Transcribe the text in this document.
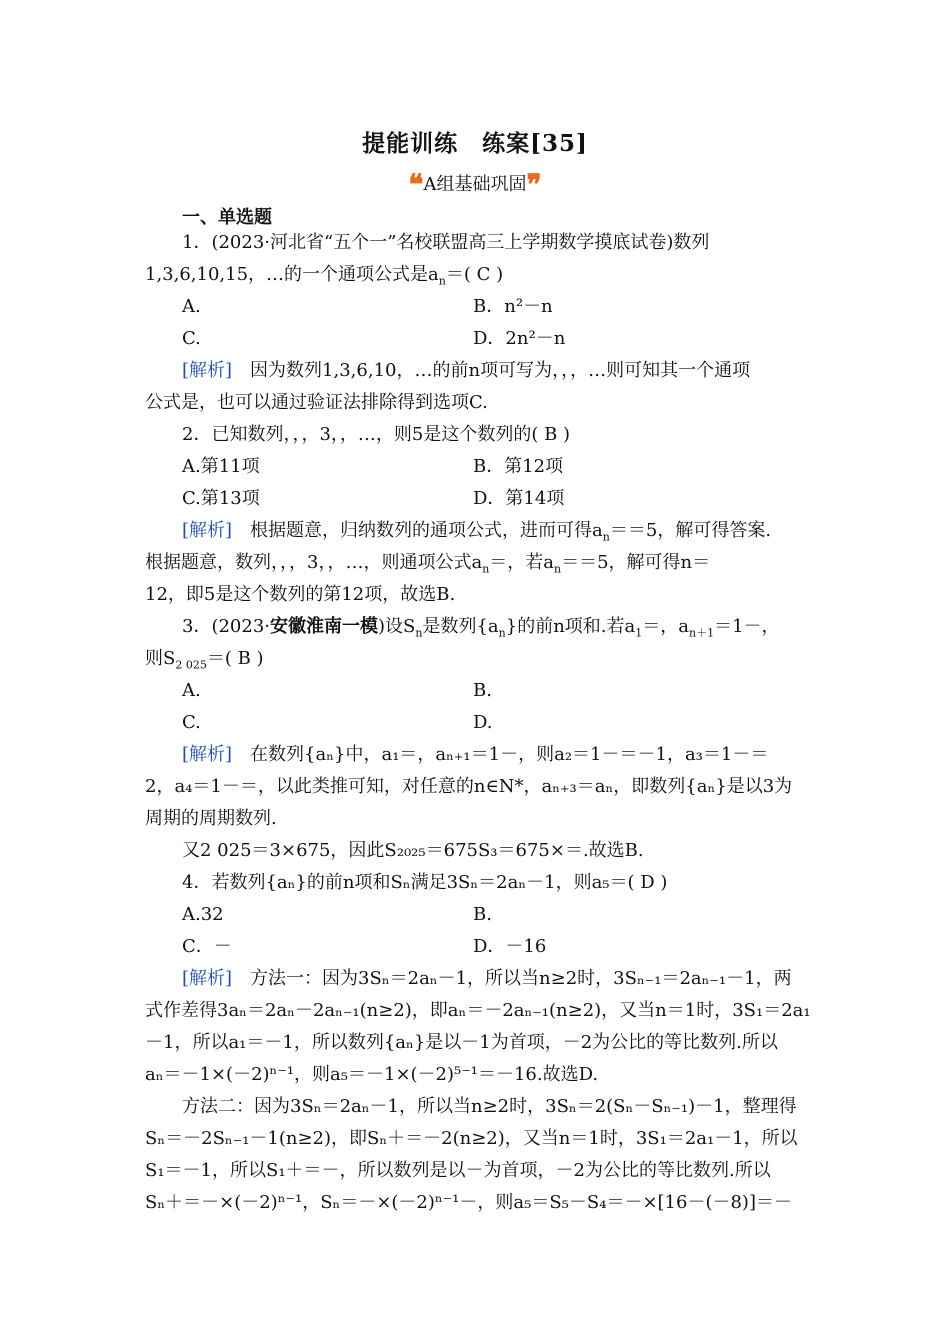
提能训练　练案[35]
❝A组基础巩固❞
一、单选题
1．(2023·河北省“五个一”名校联盟高三上学期数学摸底试卷)数列
1,3,6,10,15，…的一个通项公式是$a_n=$( C )
A.	B．n²－n
C.	D．2n²－n
[解析]　 因为数列1,3,6,10，…的前n项可写为，，，…则可知其一个通项
公式是，也可以通过验证法排除得到选项C.
2．已知数列，，，3，，…，则5是这个数列的( B )
A.第11项	B．第12项
C.第13项	D．第14项
[解析]　 根据题意，归纳数列的通项公式，进而可得$a_n==5$，解可得答案.
根据题意，数列，，，3，，…，则通项公式$a_n=$，若$a_n==5$，解可得n＝
12，即5是这个数列的第12项，故选B.
3．(2023·安徽淮南一模)设$S_n$是数列$\{a_n\}$的前n项和.若$a_1=$，$a_{n+1}=1-$，
则$S_{2 025}=$( B )
A.	B.
C.	D.
[解析]　 在数列{aₙ}中，a₁＝，aₙ₊₁＝1－，则a₂＝1－＝－1，a₃＝1－＝
2，a₄＝1－＝，以此类推可知，对任意的n∈N*，aₙ₊₃＝aₙ，即数列{aₙ}是以3为
周期的周期数列.
又2 025＝3×675，因此S₂₀₂₅＝675S₃＝675×＝.故选B.
4．若数列{aₙ}的前n项和Sₙ满足3Sₙ＝2aₙ－1，则a₅＝( D )
A.32	B.
C．－	D．－16
[解析]　 方法一：因为3Sₙ＝2aₙ－1，所以当n≥2时，3Sₙ₋₁＝2aₙ₋₁－1，两
式作差得3aₙ＝2aₙ－2aₙ₋₁(n≥2)，即aₙ＝－2aₙ₋₁(n≥2)，又当n＝1时，3S₁＝2a₁
－1，所以a₁＝－1，所以数列{aₙ}是以－1为首项，－2为公比的等比数列.所以
aₙ＝－1×(－2)ⁿ⁻¹，则a₅＝－1×(－2)⁵⁻¹＝－16.故选D.
方法二：因为3Sₙ＝2aₙ－1，所以当n≥2时，3Sₙ＝2(Sₙ－Sₙ₋₁)－1，整理得
Sₙ＝－2Sₙ₋₁－1(n≥2)，即Sₙ＋＝－2(n≥2)，又当n＝1时，3S₁＝2a₁－1，所以
S₁＝－1，所以S₁＋＝－，所以数列是以－为首项，－2为公比的等比数列.所以
Sₙ＋＝－×(－2)ⁿ⁻¹，Sₙ＝－×(－2)ⁿ⁻¹－，则a₅＝S₅－S₄＝－×[16－(－8)]＝－
